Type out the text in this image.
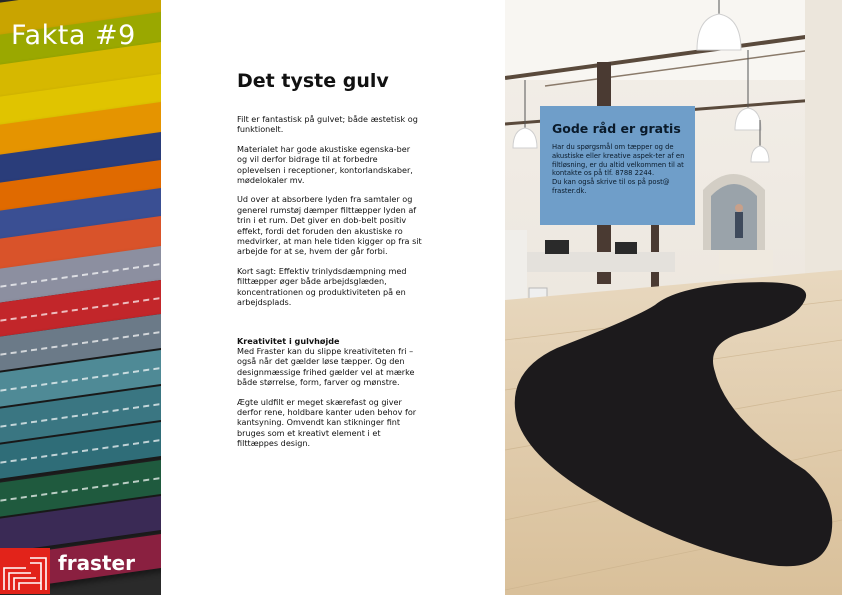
Fakta #9
fraster
Det tyste gulv

Filt er fantastisk på gulvet; både æstetisk og funktionelt.

Materialet har gode akustiske egenska-ber og vil derfor bidrage til at forbedre oplevelsen i receptioner, kontorlandskaber, mødelokaler mv.

Ud over at absorbere lyden fra samtaler og generel rumstøj dæmper filttæpper lyden af trin i et rum. Det giver en dob-belt positiv effekt, fordi det foruden den akustiske ro medvirker, at man hele tiden kigger op fra sit arbejde for at se, hvem der går forbi.

Kort sagt: Effektiv trinlydsdæmpning med filttæpper øger både arbejdsglæden, koncentrationen og produktiviteten på en arbejdsplads.

Kreativitet i gulvhøjde
Med Fraster kan du slippe kreativiteten fri – også når det gælder løse tæpper. Og den designmæssige frihed gælder vel at mærke både størrelse, form, farver og mønstre.

Ægte uldfilt er meget skærefast og giver derfor rene, holdbare kanter uden behov for kantsyning. Omvendt kan stikninger fint bruges som et kreativt element i et filttæppes design.

Gode råd er gratis

Har du spørgsmål om tæpper og de akustiske eller kreative aspek-ter af en filtløsning, er du altid velkommen til at kontakte os på tlf. 8788 2244.

Du kan også skrive til os på post@ fraster.dk.
